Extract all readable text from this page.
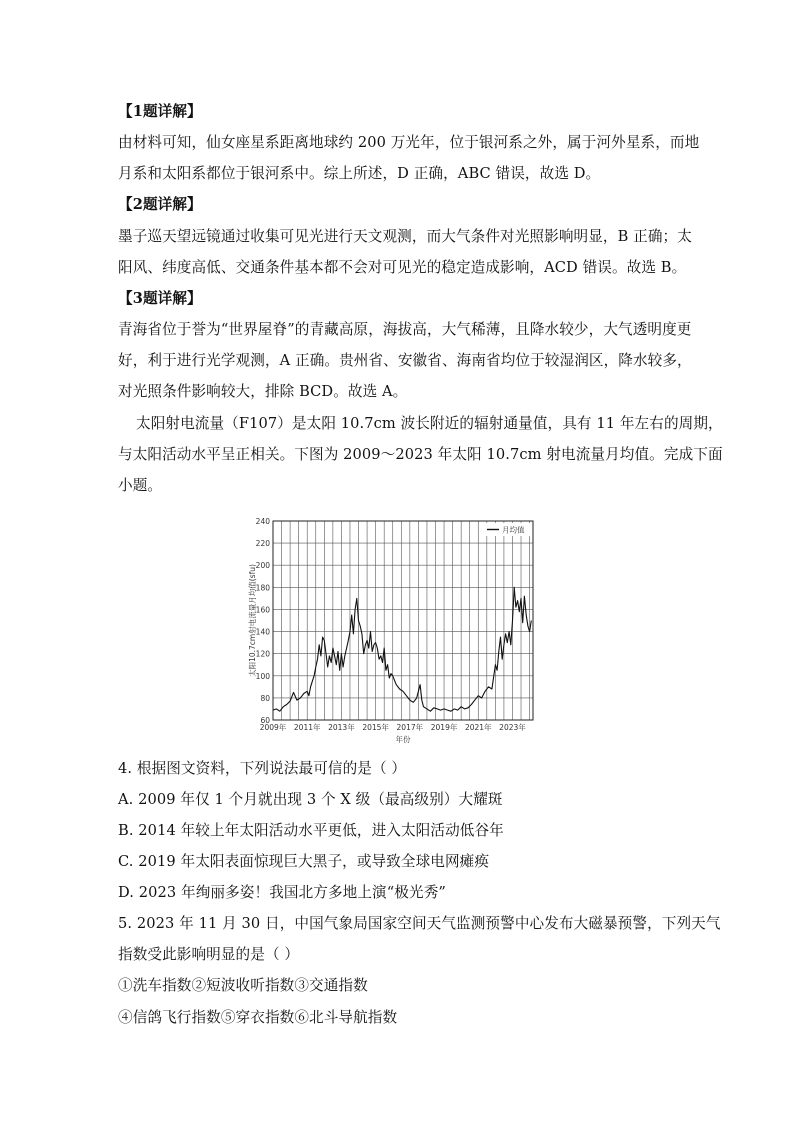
【1题详解】
由材料可知，仙女座星系距离地球约 200 万光年，位于银河系之外，属于河外星系，而地
月系和太阳系都位于银河系中。综上所述，D 正确，ABC 错误，故选 D。
【2题详解】
墨子巡天望远镜通过收集可见光进行天文观测，而大气条件对光照影响明显，B 正确；太
阳风、纬度高低、交通条件基本都不会对可见光的稳定造成影响，ACD 错误。故选 B。
【3题详解】
青海省位于誉为“世界屋脊”的青藏高原，海拔高，大气稀薄，且降水较少，大气透明度更
好，利于进行光学观测，A 正确。贵州省、安徽省、海南省均位于较湿润区，降水较多，
对光照条件影响较大，排除 BCD。故选 A。
太阳射电流量（F107）是太阳 10.7cm 波长附近的辐射通量值，具有 11 年左右的周期，
与太阳活动水平呈正相关。下图为 2009～2023 年太阳 10.7cm 射电流量月均值。完成下面
小题。
60
80
100
120
140
160
180
200
220
240
2009年 2011年 2013年 2015年 2017年 2019年 2021年 2023年
年份
太阳10.7cm射电流量月均值(sfu)
月均值
4. 根据图文资料，下列说法最可信的是（ ）
A. 2009 年仅 1 个月就出现 3 个 X 级（最高级别）大耀斑
B. 2014 年较上年太阳活动水平更低，进入太阳活动低谷年
C. 2019 年太阳表面惊现巨大黑子，或导致全球电网瘫痪
D. 2023 年绚丽多姿！我国北方多地上演“极光秀”
5. 2023 年 11 月 30 日，中国气象局国家空间天气监测预警中心发布大磁暴预警，下列天气
指数受此影响明显的是（ ）
①洗车指数②短波收听指数③交通指数
④信鸽飞行指数⑤穿衣指数⑥北斗导航指数
